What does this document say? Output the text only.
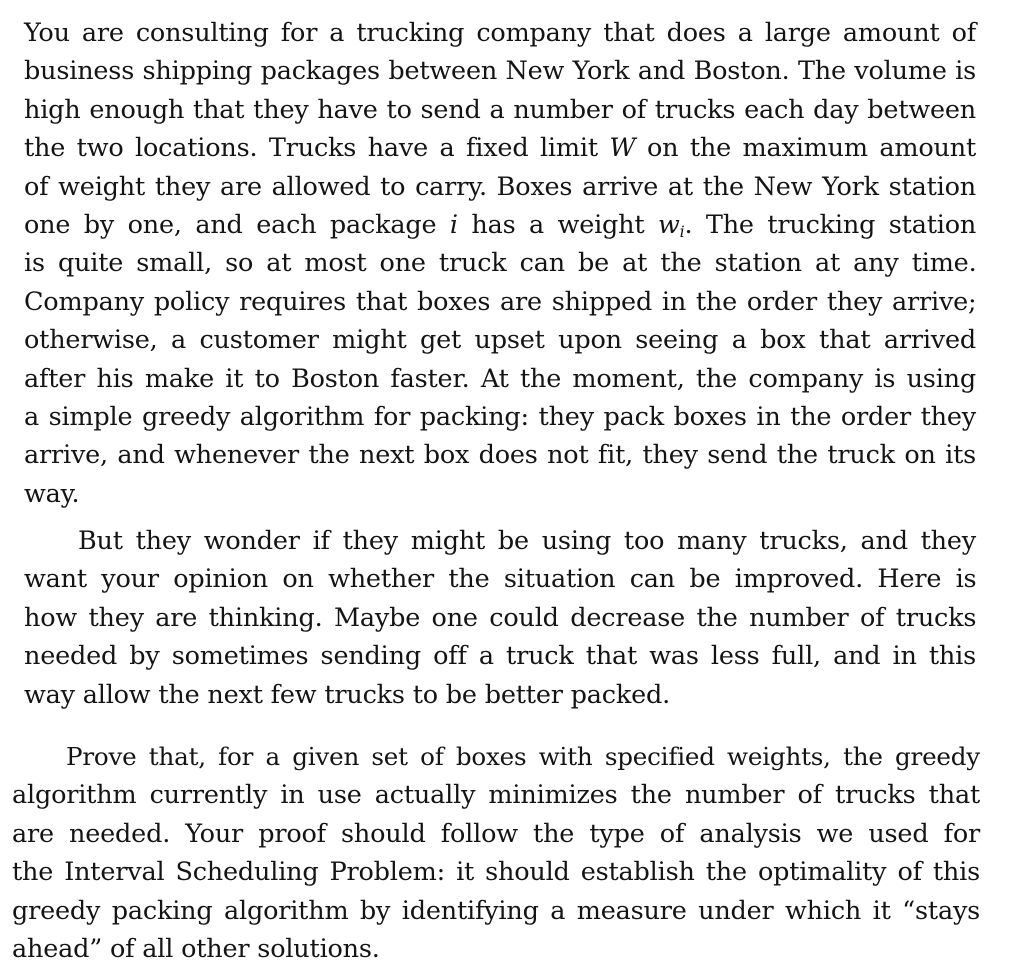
You are consulting for a trucking company that does a large amount of
business shipping packages between New York and Boston. The volume is
high enough that they have to send a number of trucks each day between
the two locations. Trucks have a fixed limit W on the maximum amount
of weight they are allowed to carry. Boxes arrive at the New York station
one by one, and each package i has a weight $w_i$. The trucking station
is quite small, so at most one truck can be at the station at any time.
Company policy requires that boxes are shipped in the order they arrive;
otherwise, a customer might get upset upon seeing a box that arrived
after his make it to Boston faster. At the moment, the company is using
a simple greedy algorithm for packing: they pack boxes in the order they
arrive, and whenever the next box does not fit, they send the truck on its
way.
But they wonder if they might be using too many trucks, and they
want your opinion on whether the situation can be improved. Here is
how they are thinking. Maybe one could decrease the number of trucks
needed by sometimes sending off a truck that was less full, and in this
way allow the next few trucks to be better packed.
Prove that, for a given set of boxes with specified weights, the greedy
algorithm currently in use actually minimizes the number of trucks that
are needed. Your proof should follow the type of analysis we used for
the Interval Scheduling Problem: it should establish the optimality of this
greedy packing algorithm by identifying a measure under which it “stays
ahead” of all other solutions.
